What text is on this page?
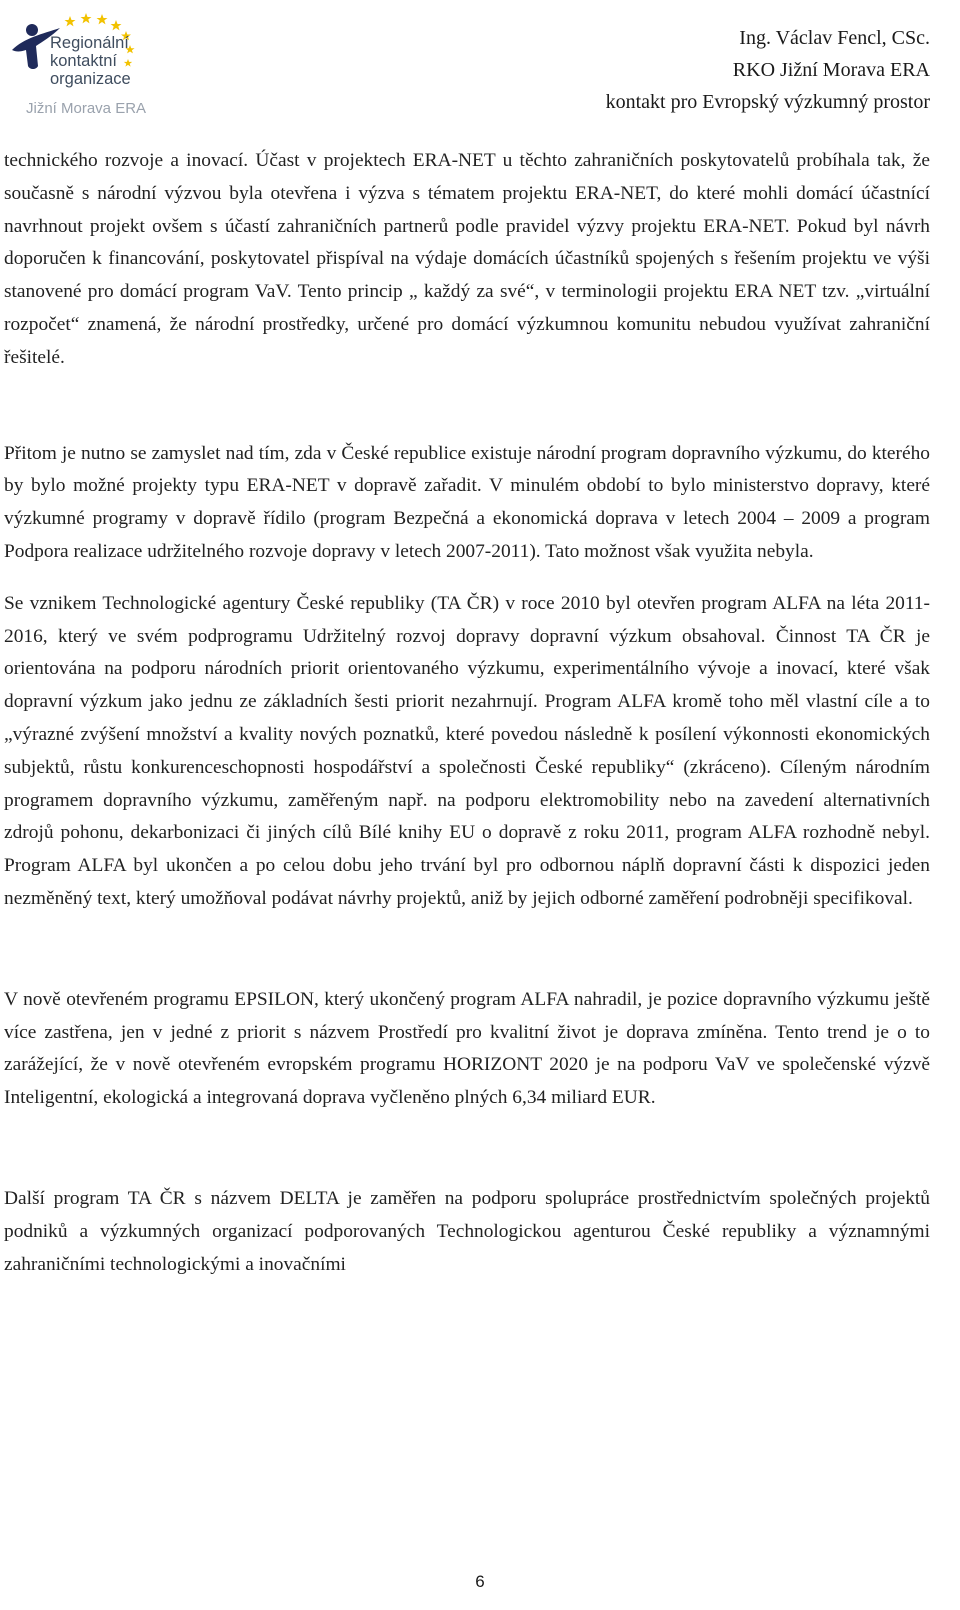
Regionální
kontaktní
organizace
Jižní Morava ERA
Ing. Václav Fencl, CSc.
RKO Jižní Morava ERA
kontakt pro Evropský výzkumný prostor

technického rozvoje a inovací. Účast v projektech ERA-NET u těchto zahraničních poskytovatelů probíhala tak, že současně s národní výzvou byla otevřena i výzva s tématem projektu ERA-NET, do které mohli domácí účastnící navrhnout projekt ovšem s účastí zahraničních partnerů podle pravidel výzvy projektu ERA-NET. Pokud byl návrh doporučen k financování, poskytovatel přispíval na výdaje domácích účastníků spojených s řešením projektu ve výši stanovené pro domácí program VaV. Tento princip „ každý za své“, v terminologii projektu ERA NET tzv. „virtuální rozpočet“ znamená, že národní prostředky, určené pro domácí výzkumnou komunitu nebudou využívat zahraniční řešitelé.

Přitom je nutno se zamyslet nad tím, zda v České republice existuje národní program dopravního výzkumu, do kterého by bylo možné projekty typu ERA-NET v dopravě zařadit. V minulém období to bylo ministerstvo dopravy, které výzkumné programy v dopravě řídilo (program Bezpečná a ekonomická doprava v letech 2004 – 2009 a program Podpora realizace udržitelného rozvoje dopravy v letech 2007-2011). Tato možnost však využita nebyla.

Se vznikem Technologické agentury České republiky (TA ČR) v roce 2010 byl otevřen program ALFA na léta 2011-2016, který ve svém podprogramu Udržitelný rozvoj dopravy dopravní výzkum obsahoval. Činnost TA ČR je orientována na podporu národních priorit orientovaného výzkumu, experimentálního vývoje a inovací, které však dopravní výzkum jako jednu ze základních šesti priorit nezahrnují. Program ALFA kromě toho měl vlastní cíle a to „výrazné zvýšení množství a kvality nových poznatků, které povedou následně k posílení výkonnosti ekonomických subjektů, růstu konkurenceschopnosti hospodářství a společnosti České republiky“ (zkráceno). Cíleným národním programem dopravního výzkumu, zaměřeným např. na podporu elektromobility nebo na zavedení alternativních zdrojů pohonu, dekarbonizaci či jiných cílů Bílé knihy EU o dopravě z roku 2011, program ALFA rozhodně nebyl. Program ALFA byl ukončen a po celou dobu jeho trvání byl pro odbornou náplň dopravní části k dispozici jeden nezměněný text, který umožňoval podávat návrhy projektů, aniž by jejich odborné zaměření podrobněji specifikoval.

V nově otevřeném programu EPSILON, který ukončený program ALFA nahradil, je pozice dopravního výzkumu ještě více zastřena, jen v jedné z priorit s názvem Prostředí pro kvalitní život je doprava zmíněna. Tento trend je o to zarážející, že v nově otevřeném evropském programu HORIZONT 2020 je na podporu VaV ve společenské výzvě Inteligentní, ekologická a integrovaná doprava vyčleněno plných 6,34 miliard EUR.

Další program TA ČR s názvem DELTA je zaměřen na podporu spolupráce prostřednictvím společných projektů podniků a výzkumných organizací podporovaných Technologickou agenturou České republiky a významnými zahraničními technologickými a inovačními

6
